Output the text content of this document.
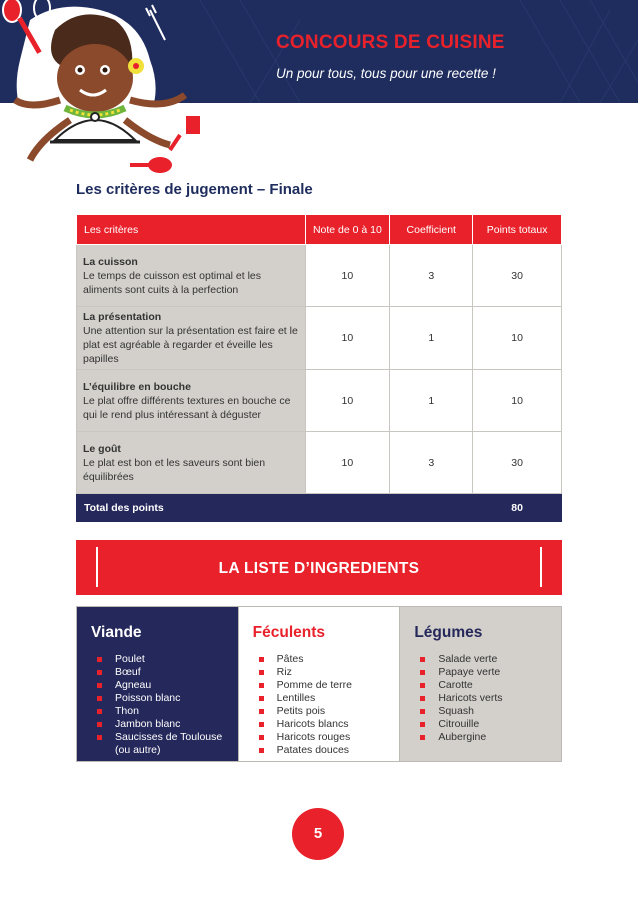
CONCOURS DE CUISINE
Un pour tous, tous pour une recette !
Les critères de jugement – Finale
Les critères	Note de 0 à 10	Coefficient	Points totaux

La cuisson
Le temps de cuisson est optimal et les aliments sont cuits à la perfection	10	3	30

La présentation
Une attention sur la présentation est faire et le plat est agréable à regarder et éveille les papilles	10	1	10

L’équilibre en bouche
Le plat offre différents textures en bouche ce qui le rend plus intéressant à déguster	10	1	10

Le goût
Le plat est bon et les saveurs sont bien équilibrées	10	3	30
Total des points			80
LA LISTE D’INGREDIENTS
Viande
Poulet
Bœuf
Agneau
Poisson blanc
Thon
Jambon blanc
Saucisses de Toulouse (ou autre)
Féculents
Pâtes
Riz
Pomme de terre
Lentilles
Petits pois
Haricots blancs
Haricots rouges
Patates douces
Légumes
Salade verte
Papaye verte
Carotte
Haricots verts
Squash
Citrouille
Aubergine
5
